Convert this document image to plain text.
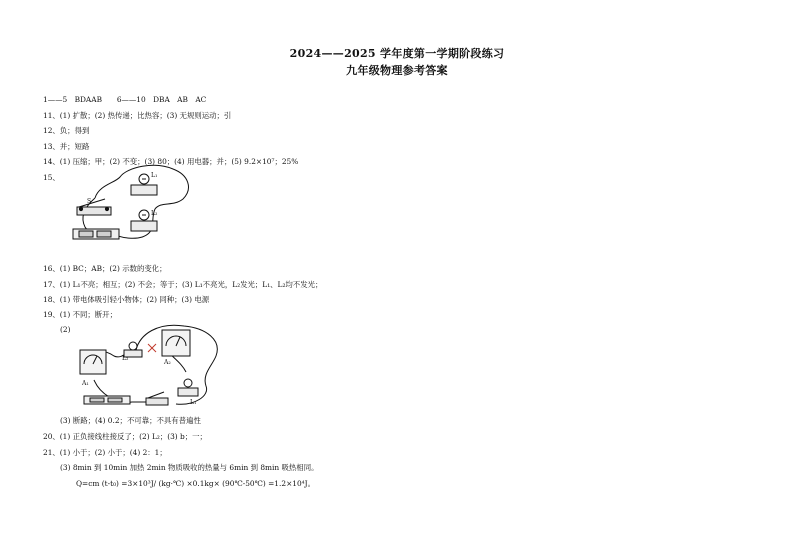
2024——2025 学年度第一学期阶段练习
九年级物理参考答案
1——5　BDAAB　　6——10　DBA　AB　AC
11、(1) 扩散；(2) 热传递；比热容；(3) 无规则运动；引
12、负；得到
13、并；短路
14、(1) 压缩；甲；(2) 不变；(3) 80；(4) 用电器；并；(5) 9.2×10⁷；25%
15、
S
L₁
L₂
16、(1) BC；AB；(2) 示数的变化；
17、(1) L₁不亮；相互；(2) 不会；等于；(3) L₁不亮光，L₂发光；L₁、L₂均不发光；
18、(1) 带电体吸引轻小物体；(2) 同种；(3) 电源
19、(1) 不同；断开；
(2)
A₁
A₂
L₁
L₂
(3) 断路；(4) 0.2；不可靠；不具有普遍性
20、(1) 正负接线柱接反了；(2) L₂；(3) b；一；
21、(1) 小于；(2) 小于；(4) 2：1；
(3) 8min 到 10min 加热 2min 物质吸收的热量与 6min 到 8min 吸热相同。
Q=cm (t-t₀) =3×10³J/ (kg·℃) ×0.1kg× (90℃-50℃) =1.2×10⁴J。
